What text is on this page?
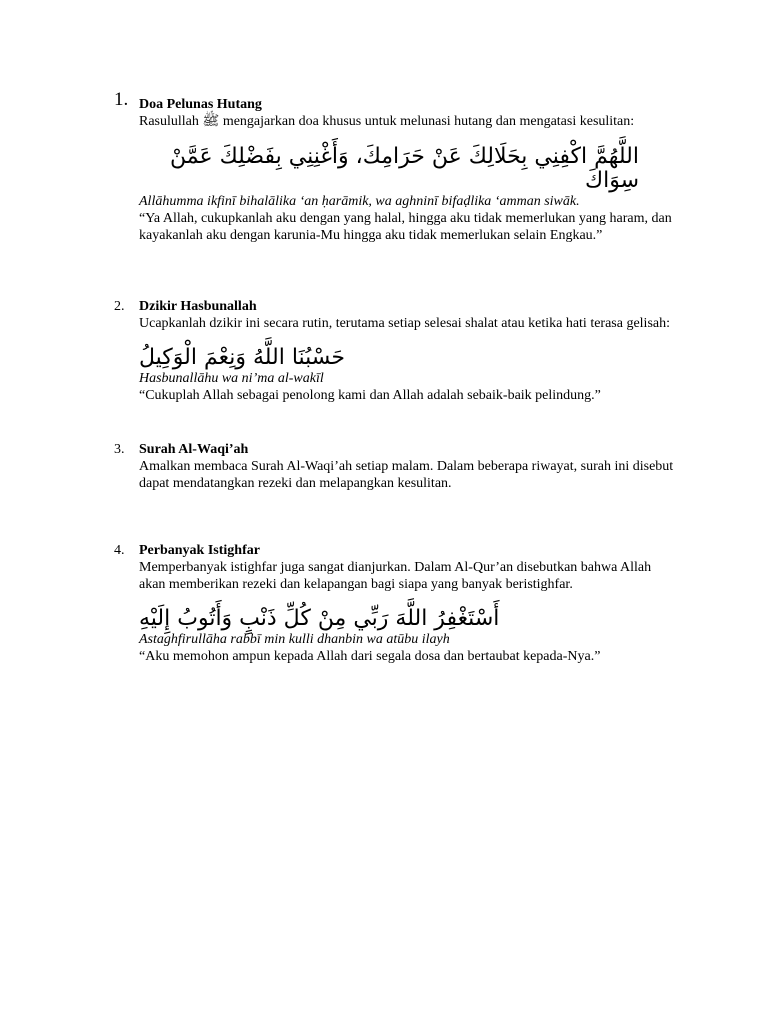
1. Doa Pelunas Hutang
Rasulullah ﷺ mengajarkan doa khusus untuk melunasi hutang dan mengatasi kesulitan:
اللَّهُمَّ اكْفِنِي بِحَلَالِكَ عَنْ حَرَامِكَ، وَأَغْنِنِي بِفَضْلِكَ عَمَّنْ سِوَاكَ
Allāhumma ikfinī bihalālika ‘an ḥarāmik, wa aghninī bifaḍlika ‘amman siwāk.
“Ya Allah, cukupkanlah aku dengan yang halal, hingga aku tidak memerlukan yang haram, dan kayakanlah aku dengan karunia-Mu hingga aku tidak memerlukan selain Engkau.”
2. Dzikir Hasbunallah
Ucapkanlah dzikir ini secara rutin, terutama setiap selesai shalat atau ketika hati terasa gelisah:
حَسْبُنَا اللَّهُ وَنِعْمَ الْوَكِيلُ
Hasbunallāhu wa ni’ma al-wakīl
“Cukuplah Allah sebagai penolong kami dan Allah adalah sebaik-baik pelindung.”
3. Surah Al-Waqi’ah
Amalkan membaca Surah Al-Waqi’ah setiap malam. Dalam beberapa riwayat, surah ini disebut dapat mendatangkan rezeki dan melapangkan kesulitan.
4. Perbanyak Istighfar
Memperbanyak istighfar juga sangat dianjurkan. Dalam Al-Qur’an disebutkan bahwa Allah akan memberikan rezeki dan kelapangan bagi siapa yang banyak beristighfar.
أَسْتَغْفِرُ اللَّهَ رَبِّي مِنْ كُلِّ ذَنْبٍ وَأَتُوبُ إِلَيْهِ
Astaghfirullāha rabbī min kulli dhanbin wa atūbu ilayh
“Aku memohon ampun kepada Allah dari segala dosa dan bertaubat kepada-Nya.”
